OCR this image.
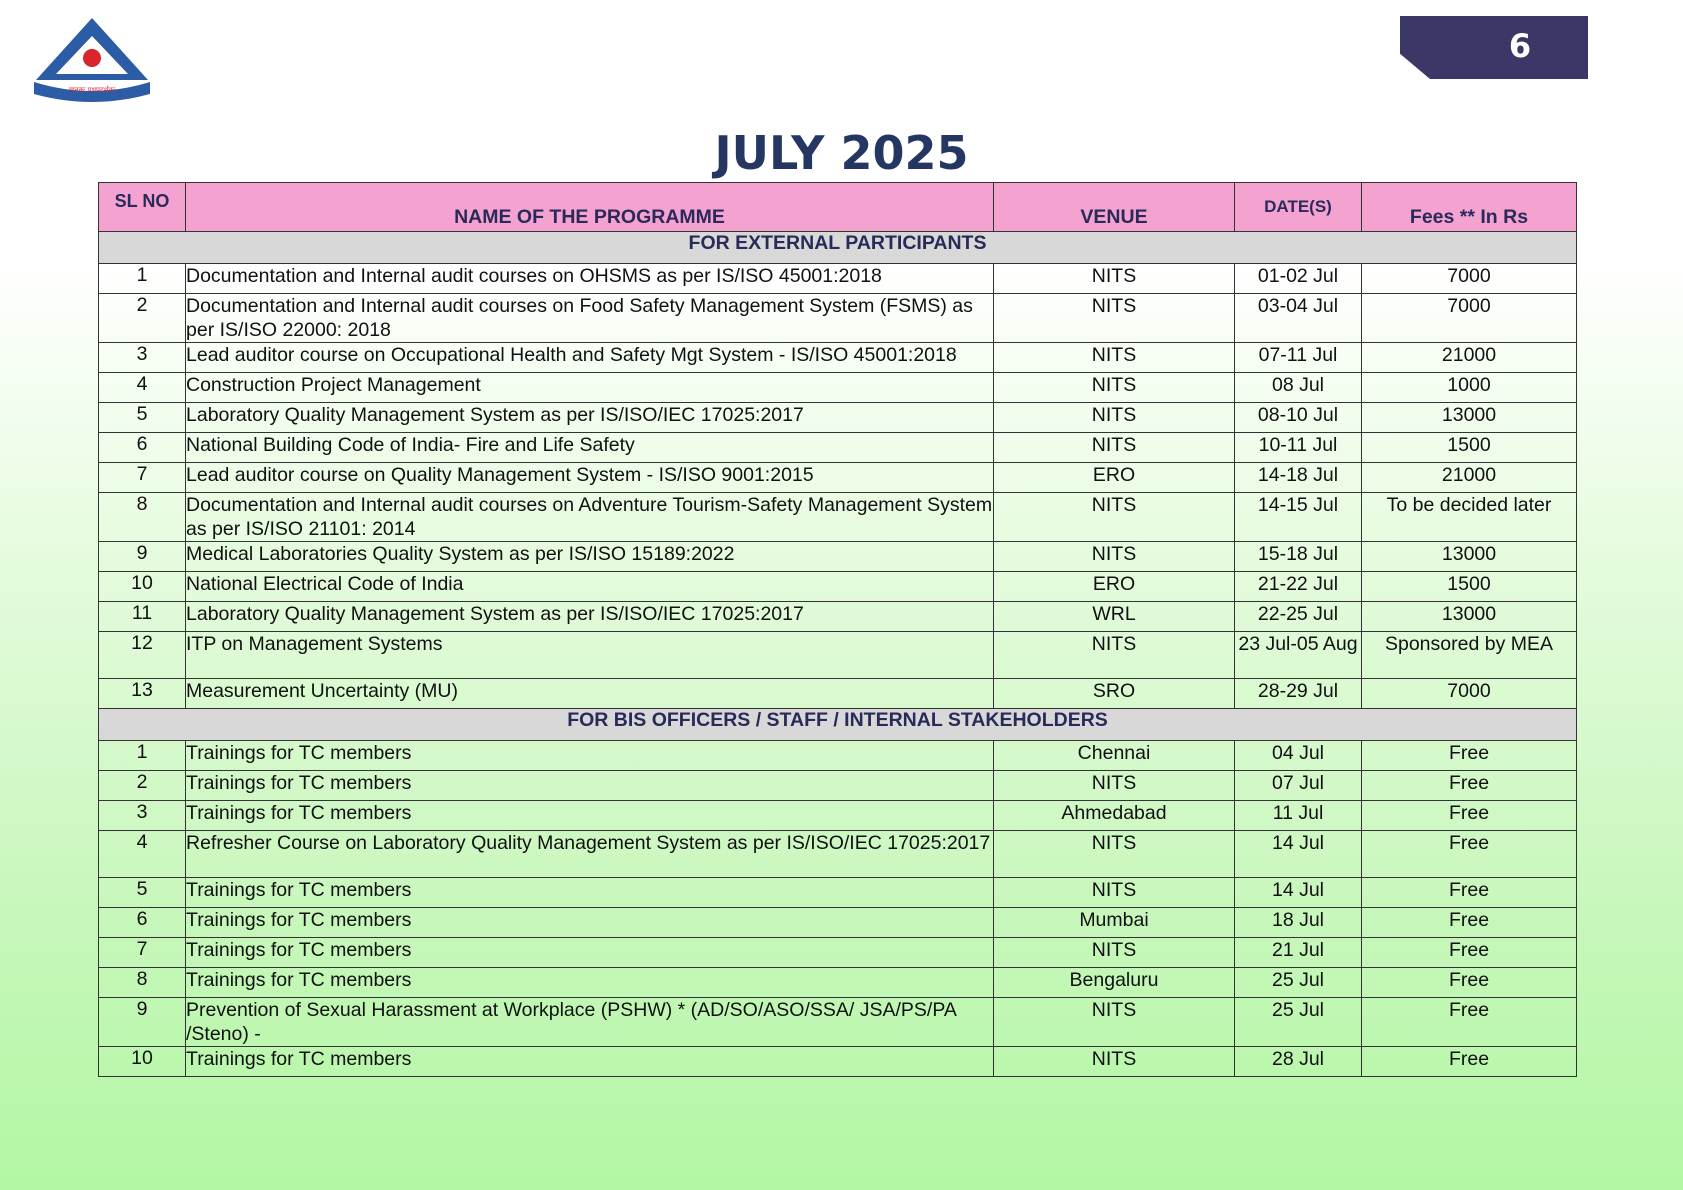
मानकः पथप्रदर्शकः
6
JULY 2025
SL NO	NAME OF THE PROGRAMME	VENUE	DATE(S)	Fees ** In Rs
FOR EXTERNAL PARTICIPANTS				
1	Documentation and Internal audit courses on OHSMS as per IS/ISO 45001:2018	NITS	01-02 Jul	7000
2	Documentation and Internal audit courses on Food Safety Management System (FSMS) as per IS/ISO 22000: 2018	NITS	03-04 Jul	7000
3	Lead auditor course on Occupational Health and Safety Mgt System - IS/ISO 45001:2018	NITS	07-11 Jul	21000
4	Construction Project Management	NITS	08 Jul	1000
5	Laboratory Quality Management System as per IS/ISO/IEC 17025:2017	NITS	08-10 Jul	13000
6	National Building Code of India- Fire and Life Safety	NITS	10-11 Jul	1500
7	Lead auditor course on Quality Management System - IS/ISO 9001:2015	ERO	14-18 Jul	21000
8	Documentation and Internal audit courses on Adventure Tourism-Safety Management System as per IS/ISO 21101: 2014	NITS	14-15 Jul	To be decided later
9	Medical Laboratories Quality System as per IS/ISO 15189:2022	NITS	15-18 Jul	13000
10	National Electrical Code of India	ERO	21-22 Jul	1500
11	Laboratory Quality Management System as per IS/ISO/IEC 17025:2017	WRL	22-25 Jul	13000
12	ITP on Management Systems	NITS	23 Jul-05 Aug	Sponsored by MEA
13	Measurement Uncertainty (MU)	SRO	28-29 Jul	7000
FOR BIS OFFICERS / STAFF / INTERNAL STAKEHOLDERS				
1	Trainings for TC members	Chennai	04 Jul	Free
2	Trainings for TC members	NITS	07 Jul	Free
3	Trainings for TC members	Ahmedabad	11 Jul	Free
4	Refresher Course on Laboratory Quality Management System as per IS/ISO/IEC 17025:2017	NITS	14 Jul	Free
5	Trainings for TC members	NITS	14 Jul	Free
6	Trainings for TC members	Mumbai	18 Jul	Free
7	Trainings for TC members	NITS	21 Jul	Free
8	Trainings for TC members	Bengaluru	25 Jul	Free
9	Prevention of Sexual Harassment at Workplace (PSHW) * (AD/SO/ASO/SSA/ JSA/PS/PA /Steno) -	NITS	25 Jul	Free
10	Trainings for TC members	NITS	28 Jul	Free
